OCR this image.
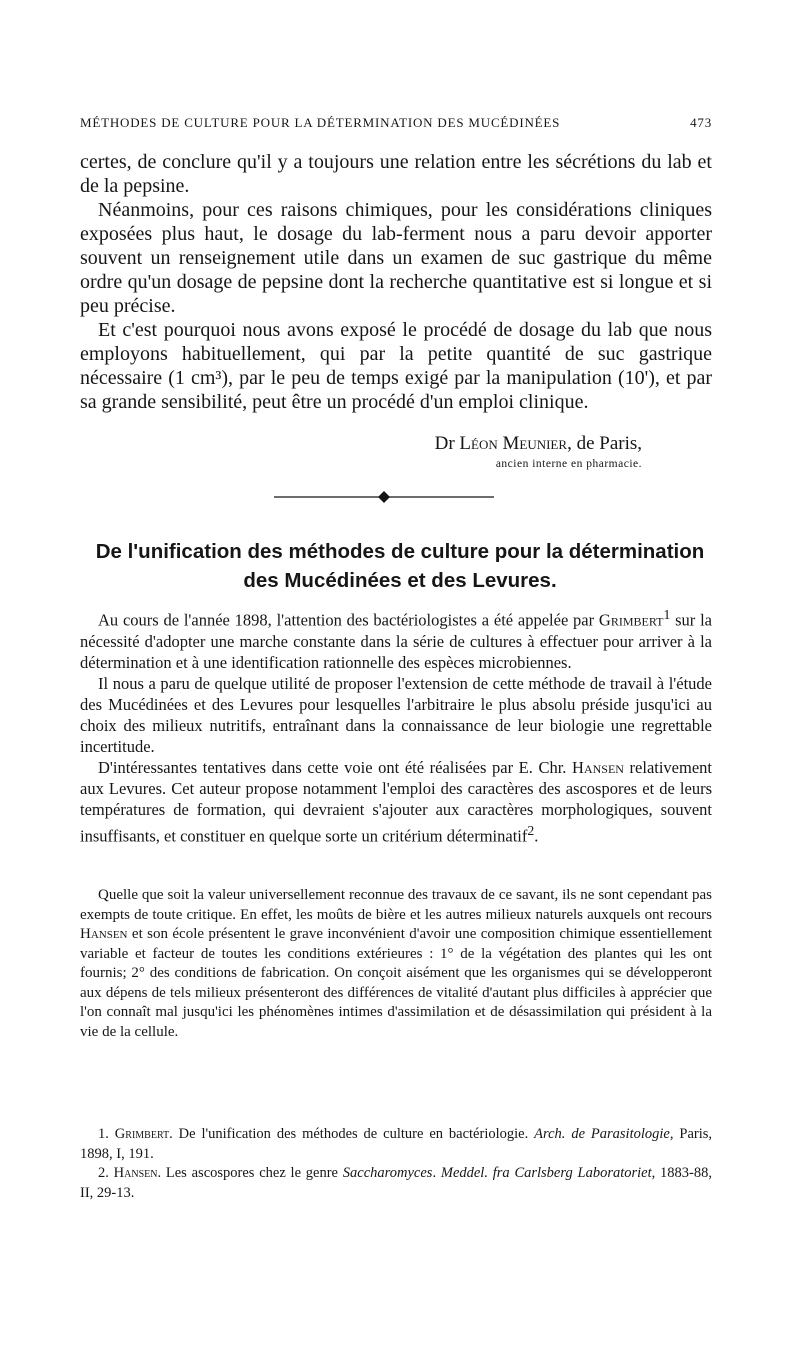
MÉTHODES DE CULTURE POUR LA DÉTERMINATION DES MUCÉDINÉES	473

certes, de conclure qu'il y a toujours une relation entre les sécrétions du lab et de la pepsine.

Néanmoins, pour ces raisons chimiques, pour les considérations cliniques exposées plus haut, le dosage du lab-ferment nous a paru devoir apporter souvent un renseignement utile dans un examen de suc gastrique du même ordre qu'un dosage de pepsine dont la recherche quantitative est si longue et si peu précise.

Et c'est pourquoi nous avons exposé le procédé de dosage du lab que nous employons habituellement, qui par la petite quantité de suc gastrique nécessaire (1 cm³), par le peu de temps exigé par la manipulation (10'), et par sa grande sensibilité, peut être un procédé d'un emploi clinique.

Dr Léon Meunier, de Paris,
ancien interne en pharmacie.
De l'unification des méthodes de culture pour la détermination
des Mucédinées et des Levures.

Au cours de l'année 1898, l'attention des bactériologistes a été appelée par Grimbert$^1$ sur la nécessité d'adopter une marche constante dans la série de cultures à effectuer pour arriver à la détermination et à une identification rationnelle des espèces microbiennes.

Il nous a paru de quelque utilité de proposer l'extension de cette méthode de travail à l'étude des Mucédinées et des Levures pour lesquelles l'arbitraire le plus absolu préside jusqu'ici au choix des milieux nutritifs, entraînant dans la connaissance de leur biologie une regrettable incertitude.

D'intéressantes tentatives dans cette voie ont été réalisées par E. Chr. Hansen relativement aux Levures. Cet auteur propose notamment l'emploi des caractères des ascospores et de leurs températures de formation, qui devraient s'ajouter aux caractères morphologiques, souvent insuffisants, et constituer en quelque sorte un critérium déterminatif$^2$.

Quelle que soit la valeur universellement reconnue des travaux de ce savant, ils ne sont cependant pas exempts de toute critique. En effet, les moûts de bière et les autres milieux naturels auxquels ont recours Hansen et son école présentent le grave inconvénient d'avoir une composition chimique essentiellement variable et facteur de toutes les conditions extérieures : 1° de la végétation des plantes qui les ont fournis; 2° des conditions de fabrication. On conçoit aisément que les organismes qui se développeront aux dépens de tels milieux présenteront des différences de vitalité d'autant plus difficiles à apprécier que l'on connaît mal jusqu'ici les phénomènes intimes d'assimilation et de désassimilation qui président à la vie de la cellule.

1. Grimbert. De l'unification des méthodes de culture en bactériologie. Arch. de Parasitologie, Paris, 1898, I, 191.

2. Hansen. Les ascospores chez le genre Saccharomyces. Meddel. fra Carlsberg Laboratoriet, 1883-88, II, 29-13.
